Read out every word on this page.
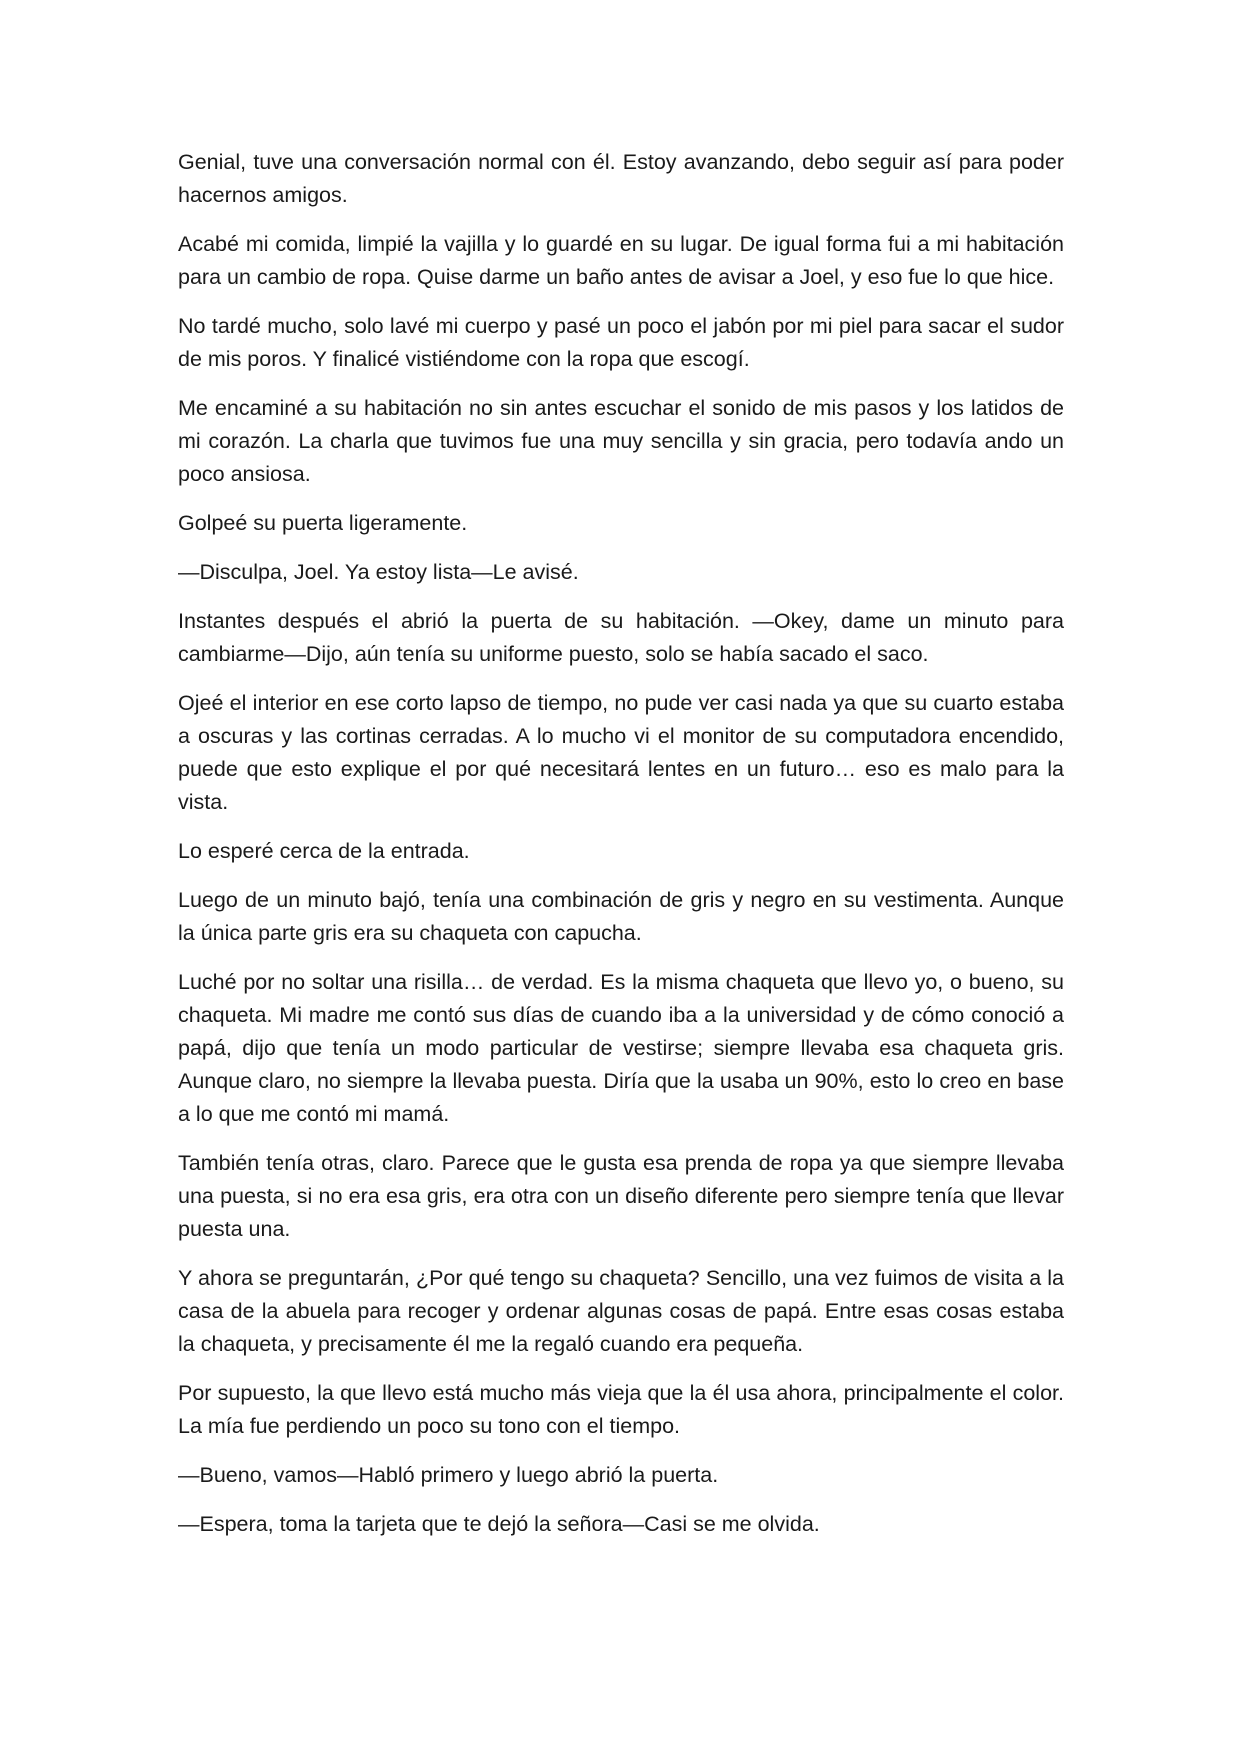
Genial, tuve una conversación normal con él. Estoy avanzando, debo seguir así para poder hacernos amigos.

Acabé mi comida, limpié la vajilla y lo guardé en su lugar. De igual forma fui a mi habitación para un cambio de ropa. Quise darme un baño antes de avisar a Joel, y eso fue lo que hice.

No tardé mucho, solo lavé mi cuerpo y pasé un poco el jabón por mi piel para sacar el sudor de mis poros. Y finalicé vistiéndome con la ropa que escogí.

Me encaminé a su habitación no sin antes escuchar el sonido de mis pasos y los latidos de mi corazón. La charla que tuvimos fue una muy sencilla y sin gracia, pero todavía ando un poco ansiosa.

Golpeé su puerta ligeramente.

—Disculpa, Joel. Ya estoy lista—Le avisé.

Instantes después el abrió la puerta de su habitación. —Okey, dame un minuto para cambiarme—Dijo, aún tenía su uniforme puesto, solo se había sacado el saco.

Ojeé el interior en ese corto lapso de tiempo, no pude ver casi nada ya que su cuarto estaba a oscuras y las cortinas cerradas. A lo mucho vi el monitor de su computadora encendido, puede que esto explique el por qué necesitará lentes en un futuro… eso es malo para la vista.

Lo esperé cerca de la entrada.

Luego de un minuto bajó, tenía una combinación de gris y negro en su vestimenta. Aunque la única parte gris era su chaqueta con capucha.

Luché por no soltar una risilla… de verdad. Es la misma chaqueta que llevo yo, o bueno, su chaqueta. Mi madre me contó sus días de cuando iba a la universidad y de cómo conoció a papá, dijo que tenía un modo particular de vestirse; siempre llevaba esa chaqueta gris. Aunque claro, no siempre la llevaba puesta. Diría que la usaba un 90%, esto lo creo en base a lo que me contó mi mamá.

También tenía otras, claro. Parece que le gusta esa prenda de ropa ya que siempre llevaba una puesta, si no era esa gris, era otra con un diseño diferente pero siempre tenía que llevar puesta una.

Y ahora se preguntarán, ¿Por qué tengo su chaqueta? Sencillo, una vez fuimos de visita a la casa de la abuela para recoger y ordenar algunas cosas de papá. Entre esas cosas estaba la chaqueta, y precisamente él me la regaló cuando era pequeña.

Por supuesto, la que llevo está mucho más vieja que la él usa ahora, principalmente el color. La mía fue perdiendo un poco su tono con el tiempo.

—Bueno, vamos—Habló primero y luego abrió la puerta.

—Espera, toma la tarjeta que te dejó la señora—Casi se me olvida.
